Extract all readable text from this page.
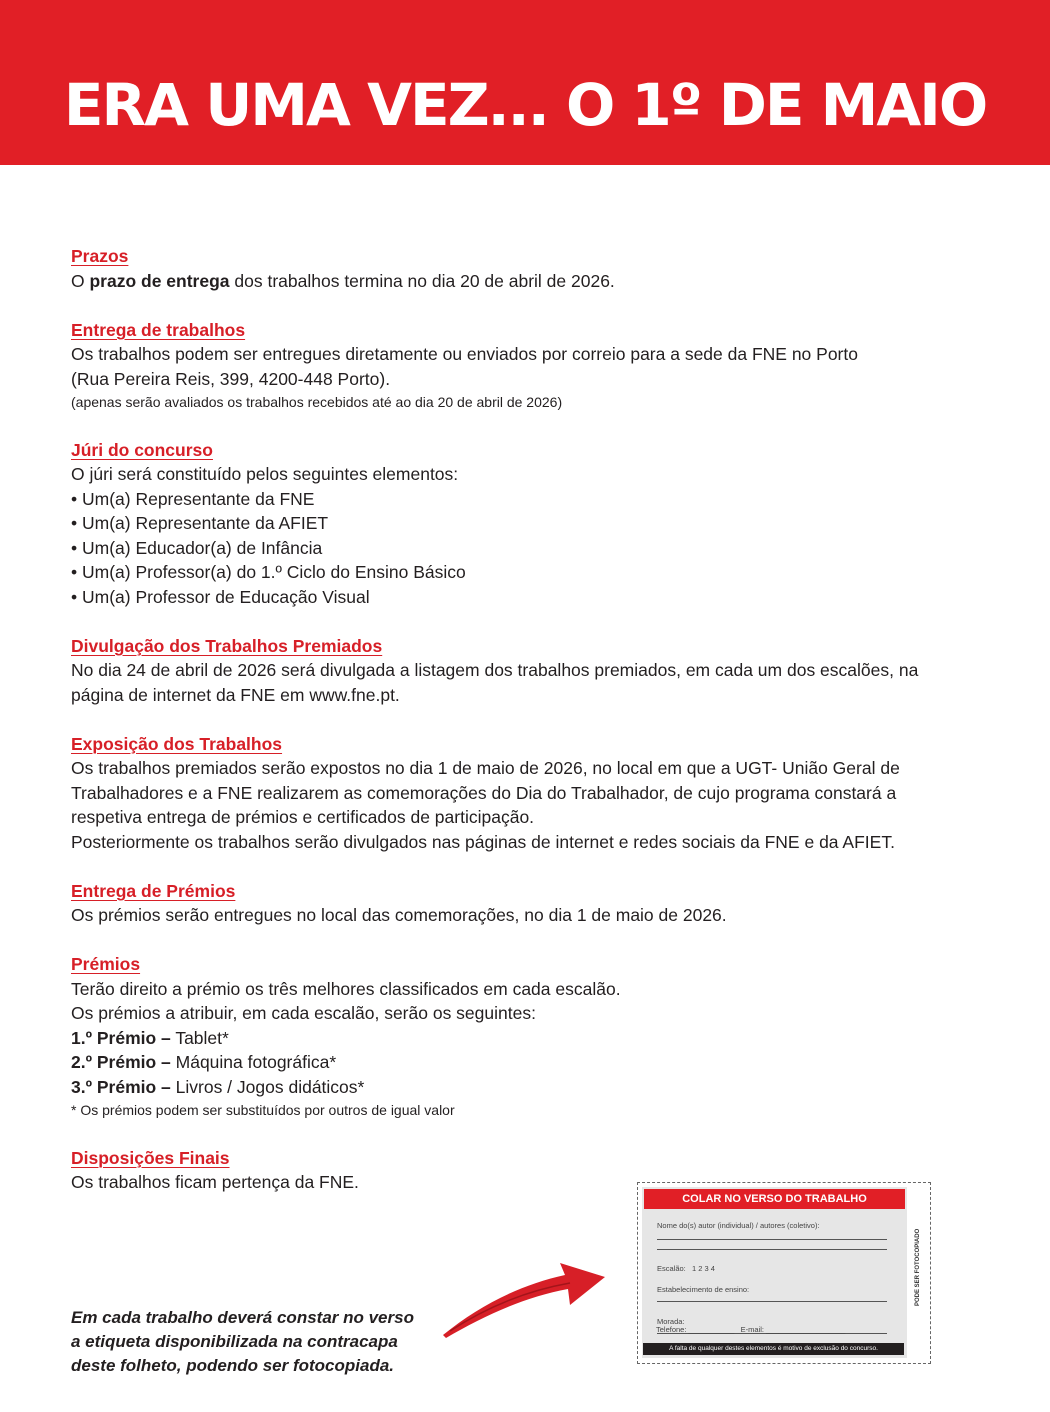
ERA UMA VEZ... O 1º DE MAIO
Prazos

O prazo de entrega dos trabalhos termina no dia 20 de abril de 2026.

Entrega de trabalhos

Os trabalhos podem ser entregues diretamente ou enviados por correio para a sede da FNE no Porto

(Rua Pereira Reis, 399, 4200-448 Porto).

(apenas serão avaliados os trabalhos recebidos até ao dia 20 de abril de 2026)

Júri do concurso

O júri será constituído pelos seguintes elementos:

• Um(a) Representante da FNE

• Um(a) Representante da AFIET

• Um(a) Educador(a) de Infância

• Um(a) Professor(a) do 1.º Ciclo do Ensino Básico

• Um(a) Professor de Educação Visual

Divulgação dos Trabalhos Premiados

No dia 24 de abril de 2026 será divulgada a listagem dos trabalhos premiados, em cada um dos escalões, na

página de internet da FNE em www.fne.pt.

Exposição dos Trabalhos

Os trabalhos premiados serão expostos no dia 1 de maio de 2026, no local em que a UGT- União Geral de

Trabalhadores e a FNE realizarem as comemorações do Dia do Trabalhador, de cujo programa constará a

respetiva entrega de prémios e certificados de participação.

Posteriormente os trabalhos serão divulgados nas páginas de internet e redes sociais da FNE e da AFIET.

Entrega de Prémios

Os prémios serão entregues no local das comemorações, no dia 1 de maio de 2026.

Prémios

Terão direito a prémio os três melhores classificados em cada escalão.

Os prémios a atribuir, em cada escalão, serão os seguintes:

1.º Prémio – Tablet*

2.º Prémio – Máquina fotográfica*

3.º Prémio – Livros / Jogos didáticos*

* Os prémios podem ser substituídos por outros de igual valor

Disposições Finais

Os trabalhos ficam pertença da FNE.

Em cada trabalho deverá constar no verso

a etiqueta disponibilizada na contracapa

deste folheto, podendo ser fotocopiada.

COLAR NO VERSO DO TRABALHO
Nome do(s) autor (individual) / autores (coletivo):
Escalão: 1 2 3 4
Estabelecimento de ensino:
Morada:
PODE SER FOTOCOPIADO
Telefone: ___________   E-mail: ___________________
A falta de qualquer destes elementos é motivo de exclusão do concurso.
